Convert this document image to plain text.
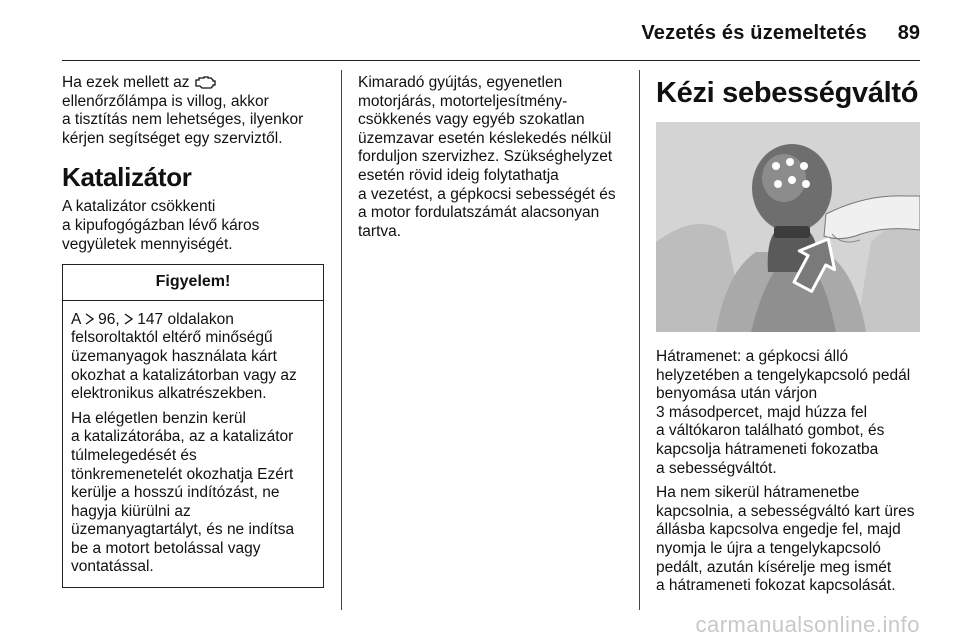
Vezetés és üzemeltetés 89

Ha ezek mellett az

ellenőrzőlámpa is villog, akkor

a tisztítás nem lehetséges, ilyenkor

kérjen segítséget egy szerviztől.

Katalizátor

A katalizátor csökkenti

a kipufogógázban lévő káros

vegyületek mennyiségét.

Figyelem!

A 96, 147 oldalakon

felsoroltaktól eltérő minőségű

üzemanyagok használata kárt

okozhat a katalizátorban vagy az

elektronikus alkatrészekben.

Ha elégetlen benzin kerül

a katalizátorába, az a katalizátor

túlmelegedését és

tönkremenetelét okozhatja Ezért

kerülje a hosszú indítózást, ne

hagyja kiürülni az

üzemanyagtartályt, és ne indítsa

be a motort betolással vagy

vontatással.

Kimaradó gyújtás, egyenetlen

motorjárás, motorteljesítmény-

csökkenés vagy egyéb szokatlan

üzemzavar esetén késlekedés nélkül

forduljon szervizhez. Szükséghelyzet

esetén rövid ideig folytathatja

a vezetést, a gépkocsi sebességét és

a motor fordulatszámát alacsonyan

tartva.

Kézi sebességváltó

Hátramenet: a gépkocsi álló

helyzetében a tengelykapcsoló pedál

benyomása után várjon

3 másodpercet, majd húzza fel

a váltókaron található gombot, és

kapcsolja hátrameneti fokozatba

a sebességváltót.

Ha nem sikerül hátramenetbe

kapcsolnia, a sebességváltó kart üres

állásba kapcsolva engedje fel, majd

nyomja le újra a tengelykapcsoló

pedált, azután kísérelje meg ismét

a hátrameneti fokozat kapcsolását.

carmanualsonline.info
